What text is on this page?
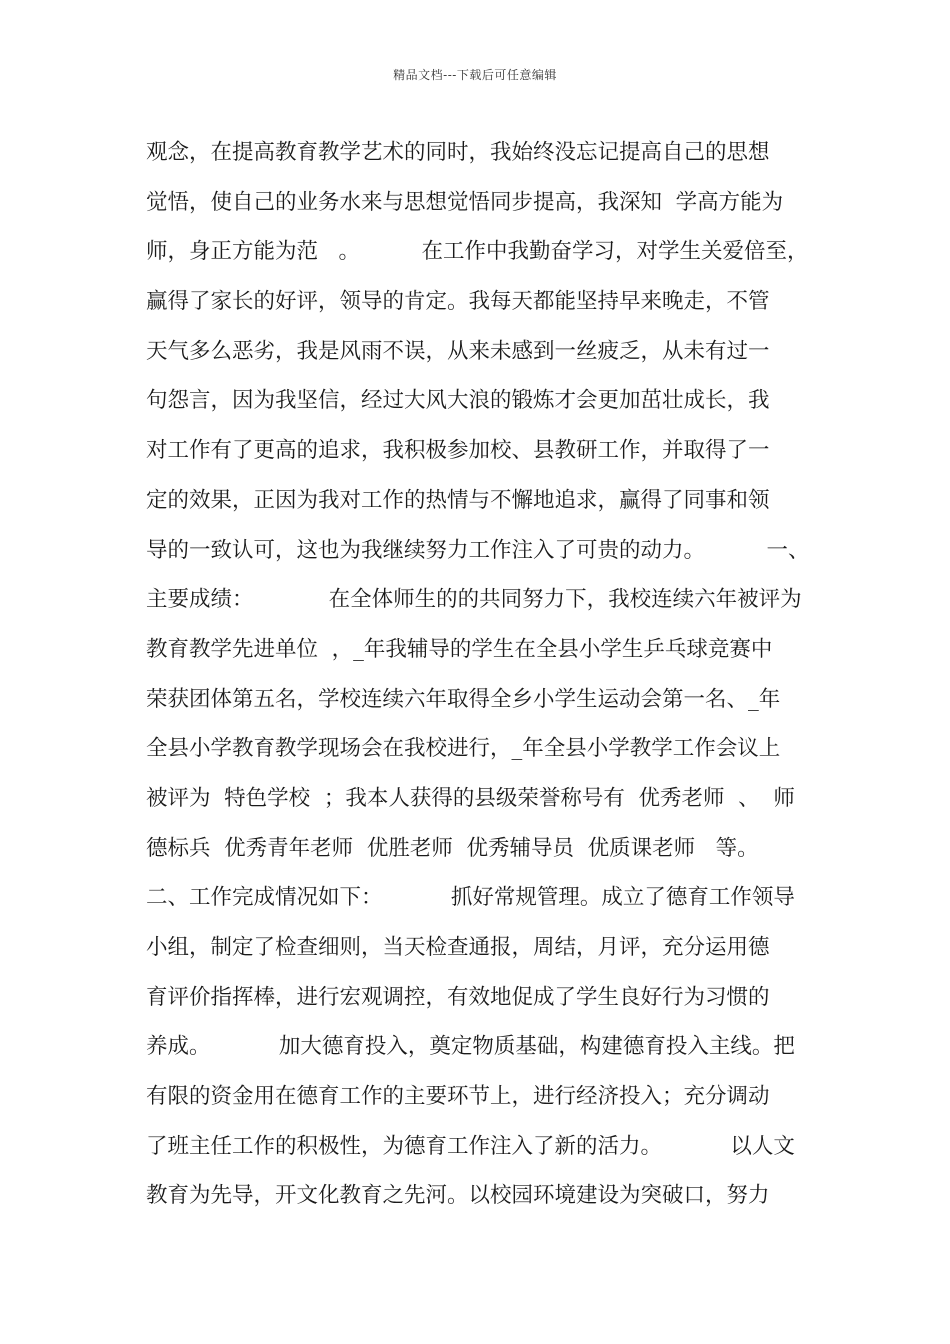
精品文档---下载后可任意编辑
观念，在提高教育教学艺术的同时，我始终没忘记提高自己的思想
觉悟，使自己的业务水来与思想觉悟同步提高，我深知  学高方能为
师，身正方能为范   。         在工作中我勤奋学习，对学生关爱倍至，
赢得了家长的好评，领导的肯定。我每天都能坚持早来晚走，不管
天气多么恶劣，我是风雨不误，从来未感到一丝疲乏，从未有过一
句怨言，因为我坚信，经过大风大浪的锻炼才会更加茁壮成长，我
对工作有了更高的追求，我积极参加校、县教研工作，并取得了一
定的效果，正因为我对工作的热情与不懈地追求，赢得了同事和领
导的一致认可，这也为我继续努力工作注入了可贵的动力。         一、
主要成绩：           在全体师生的的共同努力下，我校连续六年被评为
教育教学先进单位  ，_年我辅导的学生在全县小学生乒乓球竞赛中
荣获团体第五名，学校连续六年取得全乡小学生运动会第一名、_年
全县小学教育教学现场会在我校进行，_年全县小学教学工作会议上
被评为  特色学校  ；我本人获得的县级荣誉称号有  优秀老师  、  师
德标兵  优秀青年老师  优胜老师  优秀辅导员  优质课老师   等。
二、工作完成情况如下：          抓好常规管理。成立了德育工作领导
小组，制定了检查细则，当天检查通报，周结，月评，充分运用德
育评价指挥棒，进行宏观调控，有效地促成了学生良好行为习惯的
养成。          加大德育投入，奠定物质基础，构建德育投入主线。把
有限的资金用在德育工作的主要环节上，进行经济投入；充分调动
了班主任工作的积极性，为德育工作注入了新的活力。          以人文
教育为先导，开文化教育之先河。以校园环境建设为突破口，努力
